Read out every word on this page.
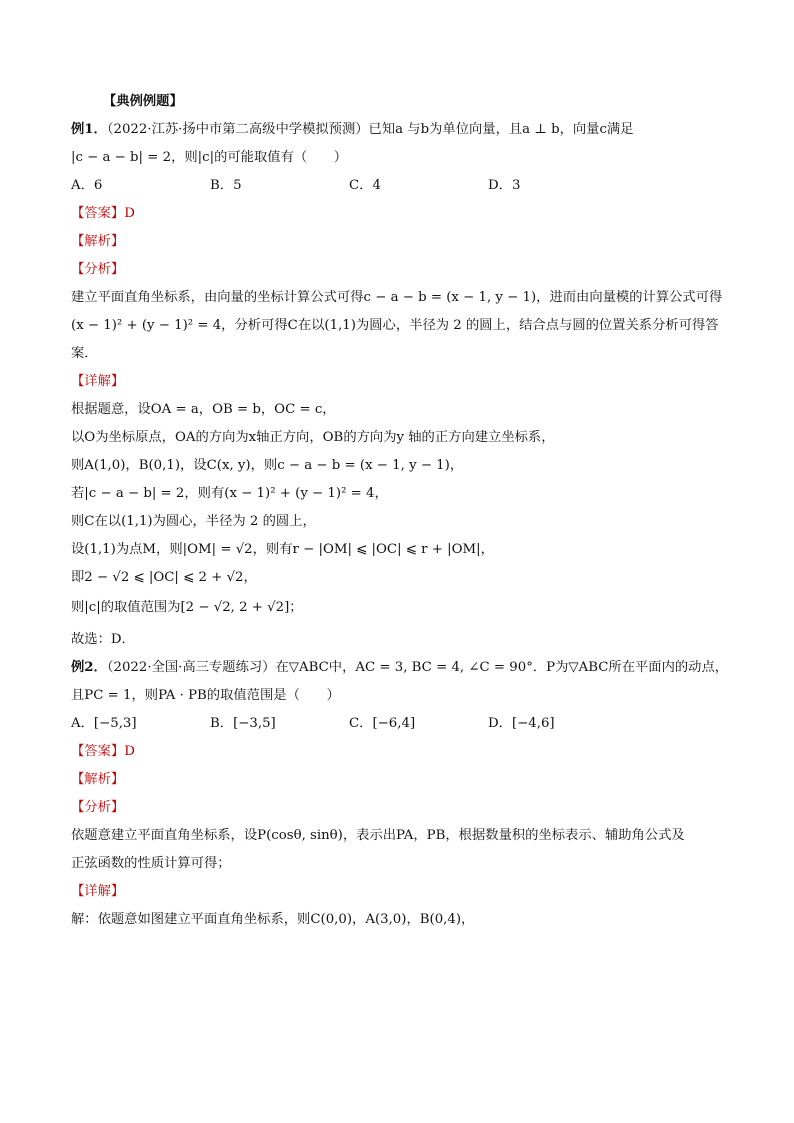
【典例例题】
例1．（2022·江苏·扬中市第二高级中学模拟预测）已知a 与b为单位向量，且a ⊥ b，向量c满足
|c − a − b| = 2，则|c|的可能取值有（　　）
A．6	B．5	C．4	D．3
【答案】D
【解析】
【分析】
建立平面直角坐标系，由向量的坐标计算公式可得c − a − b = (x − 1, y − 1)，进而由向量模的计算公式可得
(x − 1)² + (y − 1)² = 4，分析可得C在以(1,1)为圆心，半径为 2 的圆上，结合点与圆的位置关系分析可得答
案．
【详解】
根据题意，设OA = a，OB = b，OC = c，
以O为坐标原点，OA的方向为x轴正方向，OB的方向为y 轴的正方向建立坐标系，
则A(1,0)，B(0,1)，设C(x, y)，则c − a − b = (x − 1, y − 1)，
若|c − a − b| = 2，则有(x − 1)² + (y − 1)² = 4，
则C在以(1,1)为圆心，半径为 2 的圆上，
设(1,1)为点M，则|OM| = √2，则有r − |OM| ⩽ |OC| ⩽ r + |OM|，
即2 − √2 ⩽ |OC| ⩽ 2 + √2，
则|c|的取值范围为[2 − √2, 2 + √2]；
故选：D．
例2．（2022·全国·高三专题练习）在▽ABC中，AC = 3, BC = 4, ∠C = 90°．P为▽ABC所在平面内的动点，
且PC = 1，则PA · PB的取值范围是（　　）
A．[−5,3]	B．[−3,5]	C．[−6,4]	D．[−4,6]
【答案】D
【解析】
【分析】
依题意建立平面直角坐标系，设P(cosθ, sinθ)，表示出PA，PB，根据数量积的坐标表示、辅助角公式及
正弦函数的性质计算可得；
【详解】
解：依题意如图建立平面直角坐标系，则C(0,0)，A(3,0)，B(0,4)，
